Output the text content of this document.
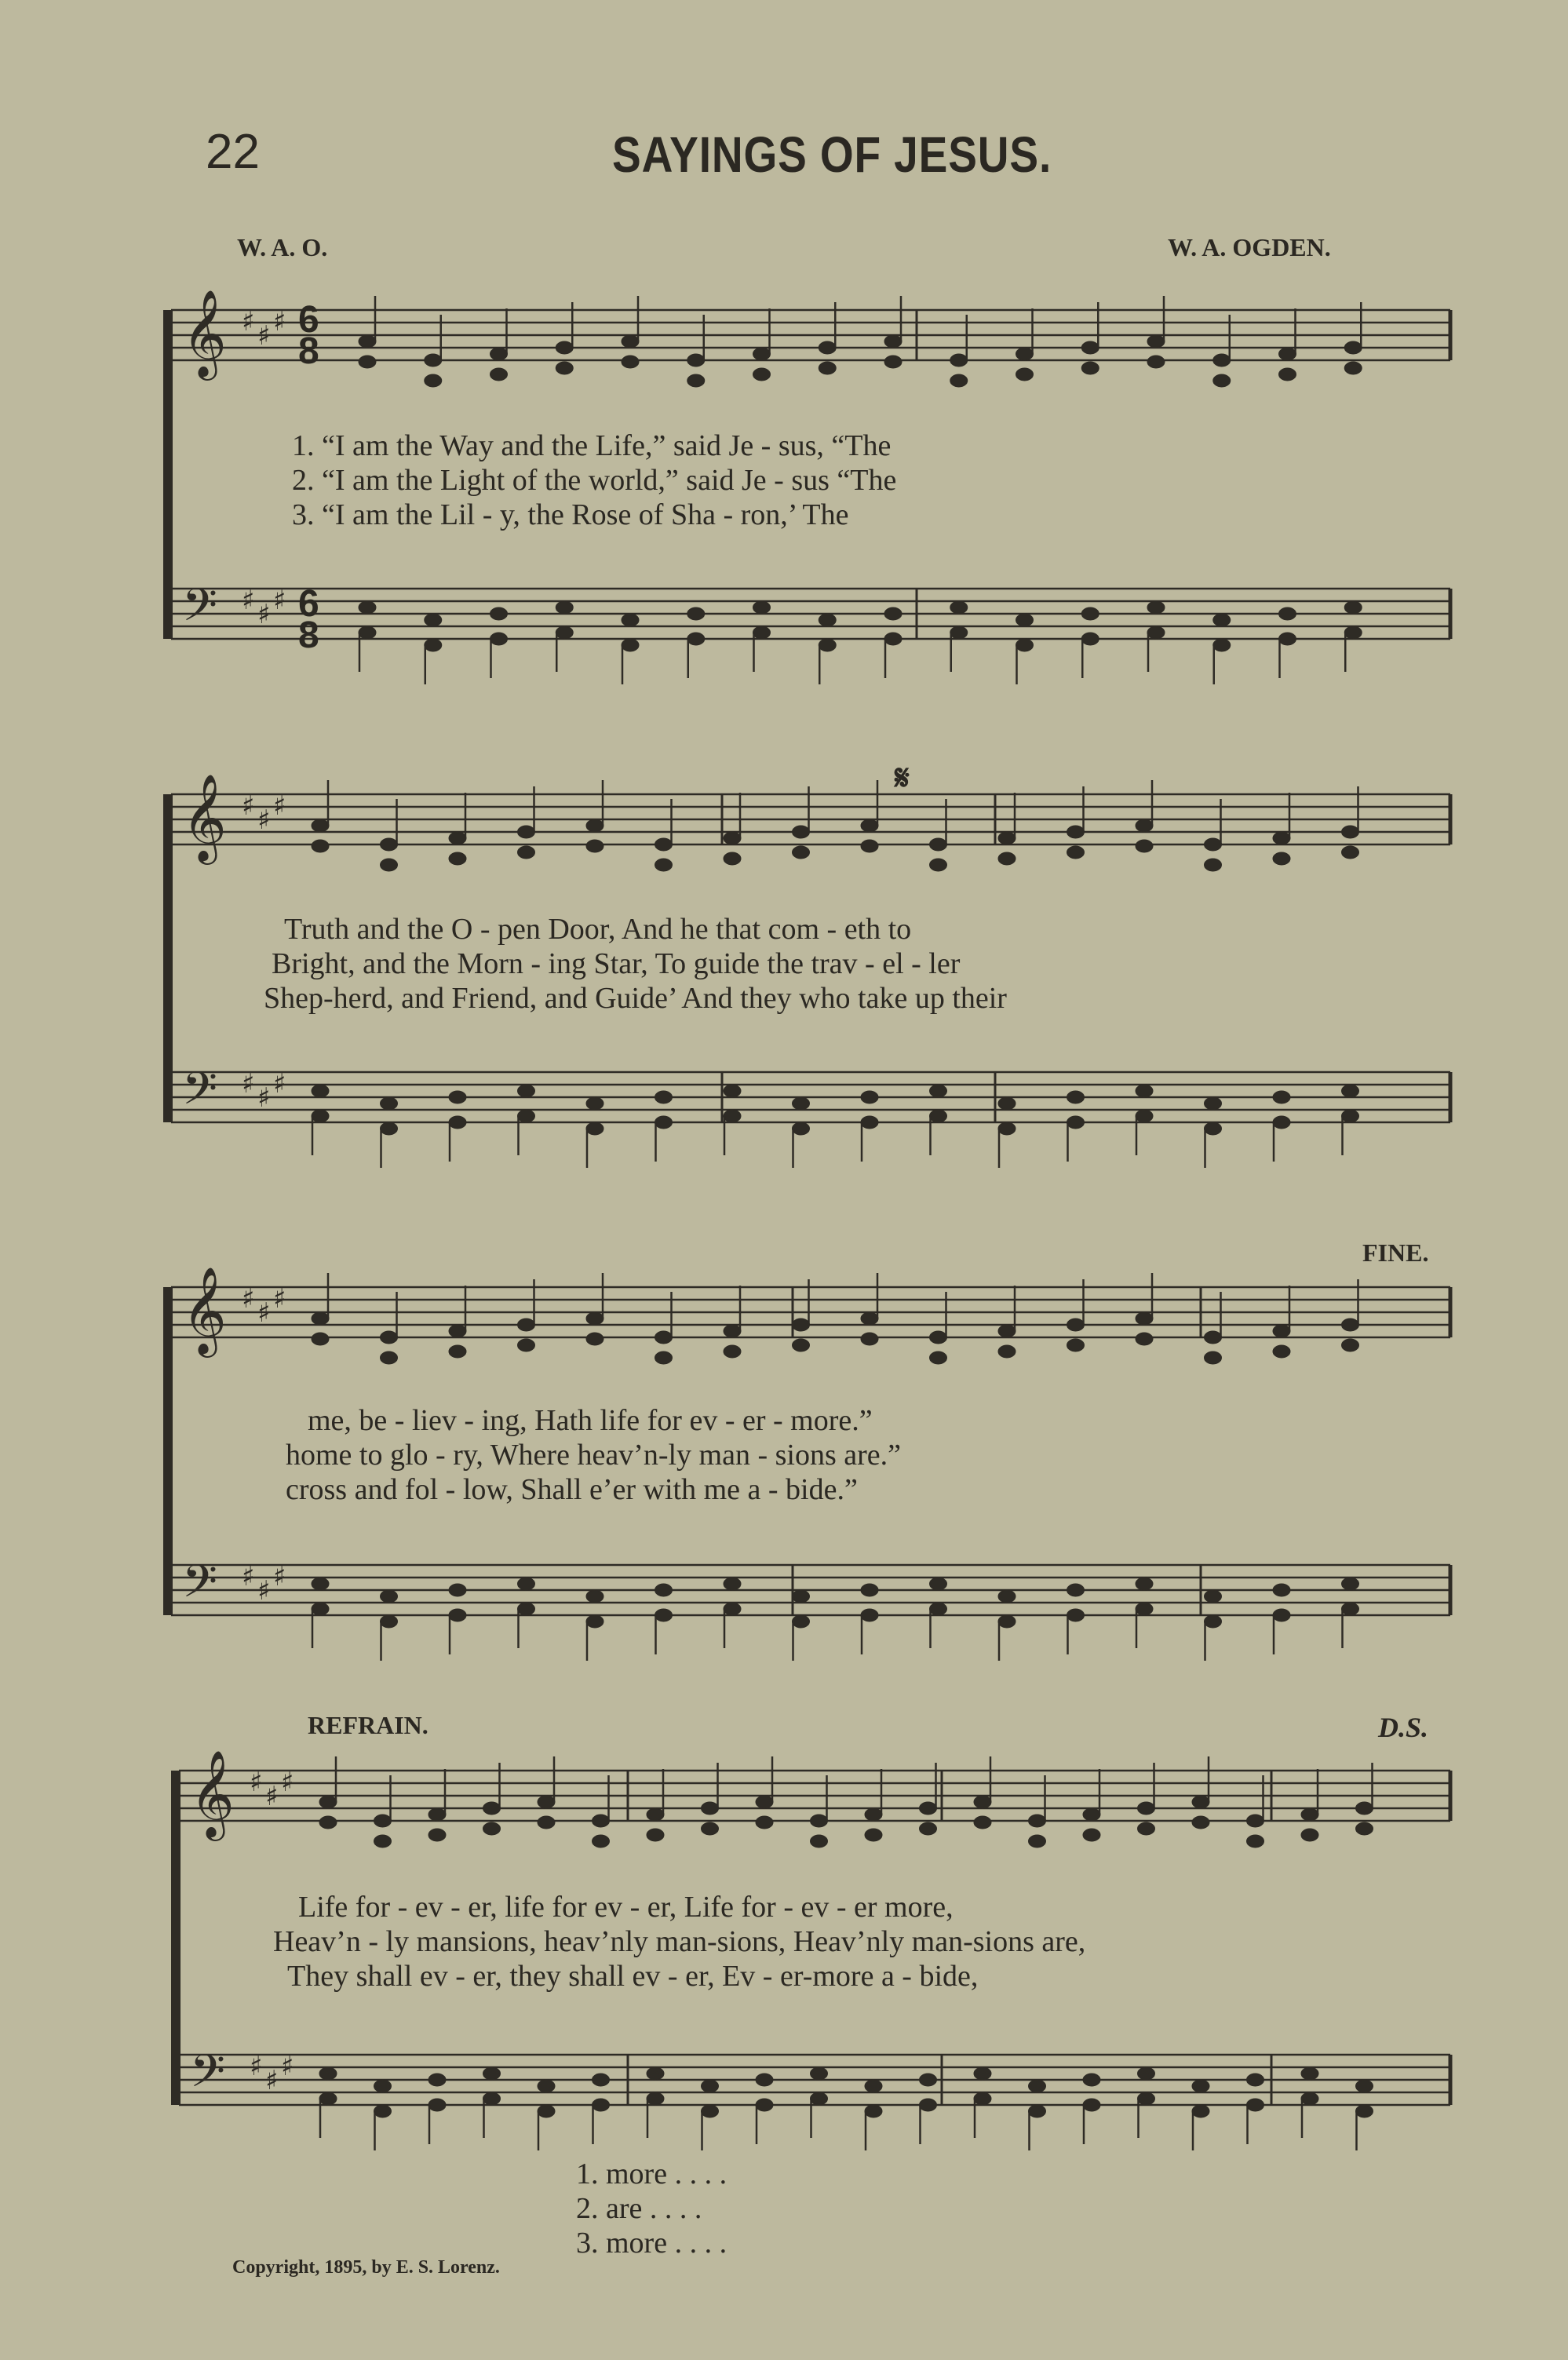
22	SAYINGS OF JESUS.
W. A. O.	W. A. OGDEN.
♯ ♯ ♯
♯ ♯ ♯
𝄞
𝄢
♯ ♯ ♯
♯ ♯ ♯
𝄞
𝄢
♯ ♯ ♯
♯ ♯ ♯
𝄞
𝄢
♯ ♯ ♯
♯ ♯ ♯
𝄞
𝄢
6
8
6
8
1. “I am the Way and the Life,” said Je - sus, “The
2. “I am the Light of the world,” said Je - sus “The
3. “I am the Lil - y, the Rose of Sha - ron,’ The
𝄋
Truth and the O - pen Door, And he that com - eth to
Bright, and the Morn - ing Star, To guide the trav - el - ler
Shep-herd, and Friend, and Guide’ And they who take up their
FINE.
me, be - liev - ing, Hath life for ev - er - more.”
home to glo - ry, Where heav’n-ly man - sions are.”
cross and fol - low, Shall e’er with me a - bide.”
REFRAIN.	D.S.
Life for - ev - er, life for ev - er, Life for - ev - er more,
Heav’n - ly mansions, heav’nly man-sions, Heav’nly man-sions are,
They shall ev - er, they shall ev - er, Ev - er-more a - bide,
1. more . . . .
2. are . . . .
3. more . . . .
Copyright, 1895, by E. S. Lorenz.
